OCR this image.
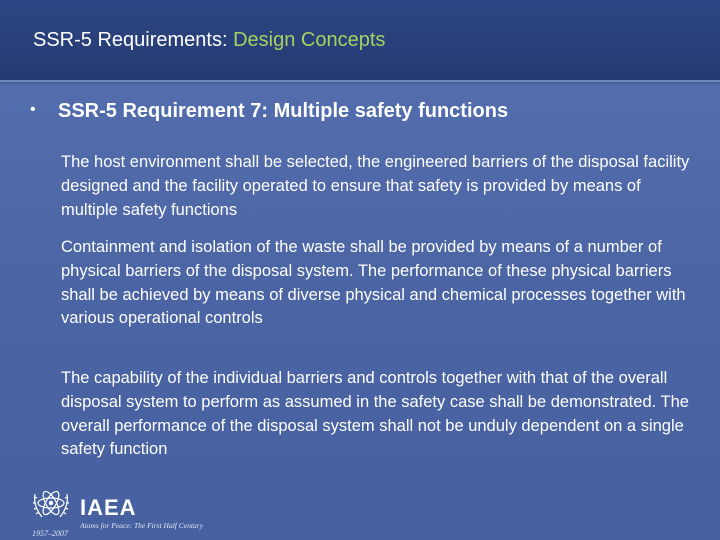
SSR-5 Requirements: Design Concepts
•	SSR-5 Requirement 7: Multiple safety functions
The host environment shall be selected, the engineered barriers of the disposal facility designed and the facility operated to ensure that safety is provided by means of multiple safety functions
Containment and isolation of the waste shall be provided by means of a number of physical barriers of the disposal system. The performance of these physical barriers shall be achieved by means of diverse physical and chemical processes together with various operational controls
The capability of the individual barriers and controls together with that of the overall disposal system to perform as assumed in the safety case shall be demonstrated. The overall performance of the disposal system shall not be unduly dependent on a single safety function
IAEA
Atoms for Peace: The First Half Century
1957–2007
